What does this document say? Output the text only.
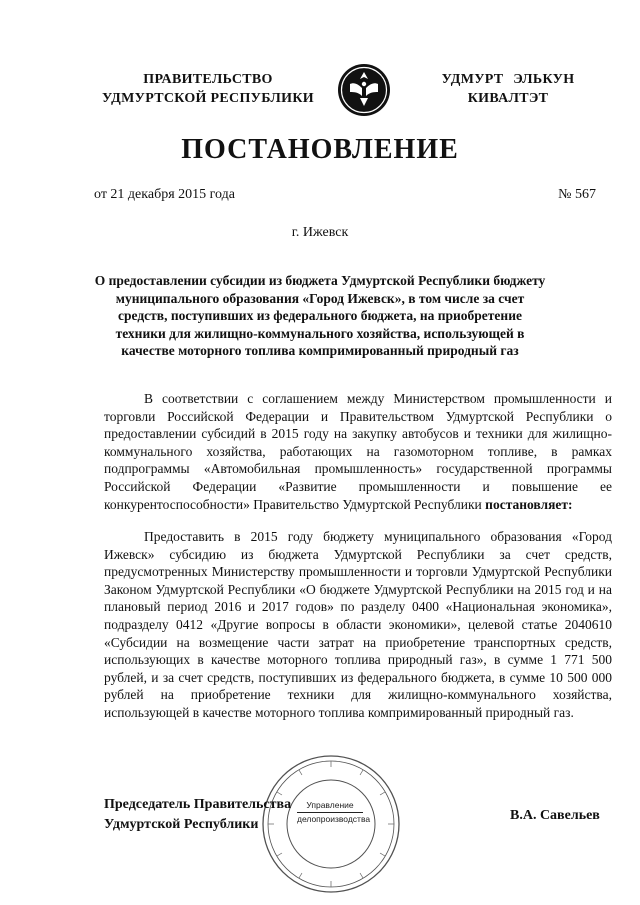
ПРАВИТЕЛЬСТВО
УДМУРТСКОЙ РЕСПУБЛИКИ
УДМУРТ ЭЛЬКУН
КИВАЛТЭТ
ПОСТАНОВЛЕНИЕ
от 21 декабря 2015 года	№ 567
г. Ижевск
О предоставлении субсидии из бюджета Удмуртской Республики бюджету муниципального образования «Город Ижевск», в том числе за счет средств, поступивших из федерального бюджета, на приобретение техники для жилищно-коммунального хозяйства, использующей в качестве моторного топлива компримированный природный газ

В соответствии с соглашением между Министерством промышленности и торговли Российской Федерации и Правительством Удмуртской Республики о предоставлении субсидий в 2015 году на закупку автобусов и техники для жилищно-коммунального хозяйства, работающих на газомоторном топливе, в рамках подпрограммы «Автомобильная промышленность» государственной программы Российской Федерации «Развитие промышленности и повышение ее конкурентоспособности» Правительство Удмуртской Республики постановляет:

Предоставить в 2015 году бюджету муниципального образования «Город Ижевск» субсидию из бюджета Удмуртской Республики за счет средств, предусмотренных Министерству промышленности и торговли Удмуртской Республики Законом Удмуртской Республики «О бюджете Удмуртской Республики на 2015 год и на плановый период 2016 и 2017 годов» по разделу 0400 «Национальная экономика», подразделу 0412 «Другие вопросы в области экономики», целевой статье 2040610 «Субсидии на возмещение части затрат на приобретение транспортных средств, использующих в качестве моторного топлива природный газ», в сумме 1 771 500 рублей, и за счет средств, поступивших из федерального бюджета, в сумме 10 500 000 рублей на приобретение техники для жилищно-коммунального хозяйства, использующей в качестве моторного топлива компримированный природный газ.

Управление
делопроизводства
Председатель Правительства
Удмуртской Республики
В.А. Савельев
